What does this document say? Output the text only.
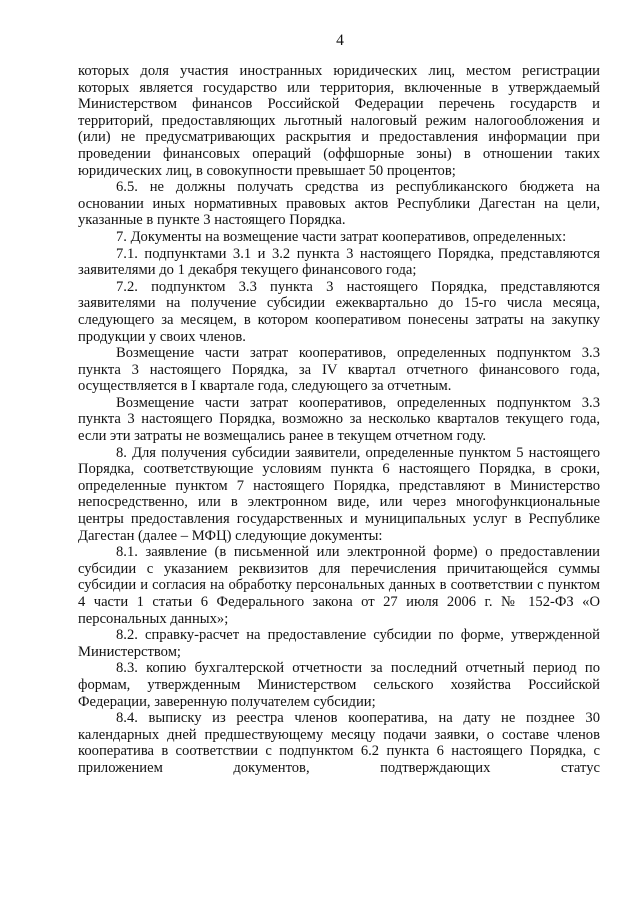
4

которых доля участия иностранных юридических лиц, местом регистрации которых является государство или территория, включенные в утверждаемый Министерством финансов Российской Федерации перечень государств и территорий, предоставляющих льготный налоговый режим налогообложения и (или) не предусматривающих раскрытия и предоставления информации при проведении финансовых операций (оффшорные зоны) в отношении таких юридических лиц, в совокупности превышает 50 процентов;

6.5. не должны получать средства из республиканского бюджета на основании иных нормативных правовых актов Республики Дагестан на цели, указанные в пункте 3 настоящего Порядка.

7. Документы на возмещение части затрат кооперативов, определенных:

7.1. подпунктами 3.1 и 3.2 пункта 3 настоящего Порядка, представляются заявителями до 1 декабря текущего финансового года;

7.2. подпунктом 3.3 пункта 3 настоящего Порядка, представляются заявителями на получение субсидии ежеквартально до 15-го числа месяца, следующего за месяцем, в котором кооперативом понесены затраты на закупку продукции у своих членов.

Возмещение части затрат кооперативов, определенных подпунктом 3.3 пункта 3 настоящего Порядка, за IV квартал отчетного финансового года, осуществляется в I квартале года, следующего за отчетным.

Возмещение части затрат кооперативов, определенных подпунктом 3.3 пункта 3 настоящего Порядка, возможно за несколько кварталов текущего года, если эти затраты не возмещались ранее в текущем отчетном году.

8. Для получения субсидии заявители, определенные пунктом 5 настоящего Порядка, соответствующие условиям пункта 6 настоящего Порядка, в сроки, определенные пунктом 7 настоящего Порядка, представляют в Министерство непосредственно, или в электронном виде, или через многофункциональные центры предоставления государственных и муниципальных услуг в Республике Дагестан (далее – МФЦ) следующие документы:

8.1. заявление (в письменной или электронной форме) о предоставлении субсидии с указанием реквизитов для перечисления причитающейся суммы субсидии и согласия на обработку персональных данных в соответствии с пунктом 4 части 1 статьи 6 Федерального закона от 27 июля 2006 г. № 152-ФЗ «О персональных данных»;

8.2. справку-расчет на предоставление субсидии по форме, утвержденной Министерством;

8.3. копию бухгалтерской отчетности за последний отчетный период по формам, утвержденным Министерством сельского хозяйства Российской Федерации, заверенную получателем субсидии;

8.4. выписку из реестра членов кооператива, на дату не позднее 30 календарных дней предшествующему месяцу подачи заявки, о составе членов кооператива в соответствии с подпунктом 6.2 пункта 6 настоящего Порядка, с приложением документов, подтверждающих статус
